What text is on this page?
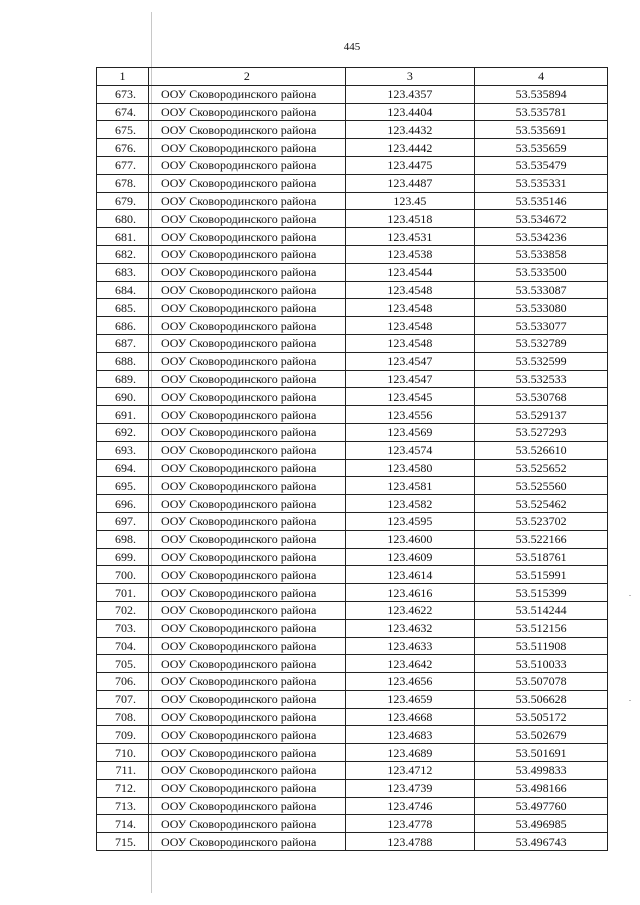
445
1	2	3	4
673.	ООУ Сковородинского района	123.4357	53.535894
674.	ООУ Сковородинского района	123.4404	53.535781
675.	ООУ Сковородинского района	123.4432	53.535691
676.	ООУ Сковородинского района	123.4442	53.535659
677.	ООУ Сковородинского района	123.4475	53.535479
678.	ООУ Сковородинского района	123.4487	53.535331
679.	ООУ Сковородинского района	123.45	53.535146
680.	ООУ Сковородинского района	123.4518	53.534672
681.	ООУ Сковородинского района	123.4531	53.534236
682.	ООУ Сковородинского района	123.4538	53.533858
683.	ООУ Сковородинского района	123.4544	53.533500
684.	ООУ Сковородинского района	123.4548	53.533087
685.	ООУ Сковородинского района	123.4548	53.533080
686.	ООУ Сковородинского района	123.4548	53.533077
687.	ООУ Сковородинского района	123.4548	53.532789
688.	ООУ Сковородинского района	123.4547	53.532599
689.	ООУ Сковородинского района	123.4547	53.532533
690.	ООУ Сковородинского района	123.4545	53.530768
691.	ООУ Сковородинского района	123.4556	53.529137
692.	ООУ Сковородинского района	123.4569	53.527293
693.	ООУ Сковородинского района	123.4574	53.526610
694.	ООУ Сковородинского района	123.4580	53.525652
695.	ООУ Сковородинского района	123.4581	53.525560
696.	ООУ Сковородинского района	123.4582	53.525462
697.	ООУ Сковородинского района	123.4595	53.523702
698.	ООУ Сковородинского района	123.4600	53.522166
699.	ООУ Сковородинского района	123.4609	53.518761
700.	ООУ Сковородинского района	123.4614	53.515991
701.	ООУ Сковородинского района	123.4616	53.515399
702.	ООУ Сковородинского района	123.4622	53.514244
703.	ООУ Сковородинского района	123.4632	53.512156
704.	ООУ Сковородинского района	123.4633	53.511908
705.	ООУ Сковородинского района	123.4642	53.510033
706.	ООУ Сковородинского района	123.4656	53.507078
707.	ООУ Сковородинского района	123.4659	53.506628
708.	ООУ Сковородинского района	123.4668	53.505172
709.	ООУ Сковородинского района	123.4683	53.502679
710.	ООУ Сковородинского района	123.4689	53.501691
711.	ООУ Сковородинского района	123.4712	53.499833
712.	ООУ Сковородинского района	123.4739	53.498166
713.	ООУ Сковородинского района	123.4746	53.497760
714.	ООУ Сковородинского района	123.4778	53.496985
715.	ООУ Сковородинского района	123.4788	53.496743
